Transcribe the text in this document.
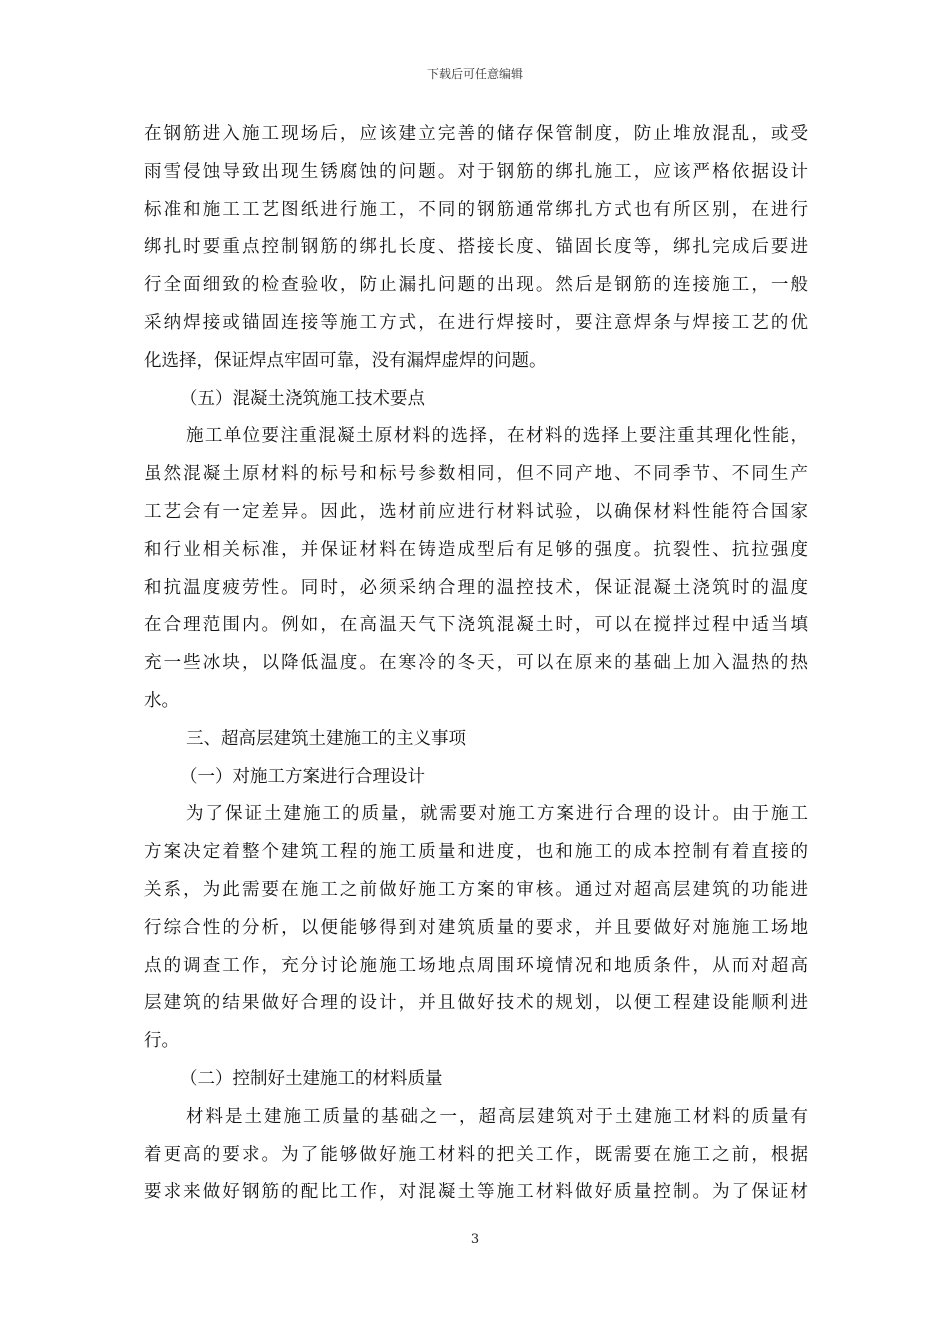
下载后可任意编辑
在钢筋进入施工现场后，应该建立完善的储存保管制度，防止堆放混乱，或受
雨雪侵蚀导致出现生锈腐蚀的问题。对于钢筋的绑扎施工，应该严格依据设计
标准和施工工艺图纸进行施工，不同的钢筋通常绑扎方式也有所区别，在进行
绑扎时要重点控制钢筋的绑扎长度、搭接长度、锚固长度等，绑扎完成后要进
行全面细致的检查验收，防止漏扎问题的出现。然后是钢筋的连接施工，一般
采纳焊接或锚固连接等施工方式，在进行焊接时，要注意焊条与焊接工艺的优
化选择，保证焊点牢固可靠，没有漏焊虚焊的问题。
（五）混凝土浇筑施工技术要点
施工单位要注重混凝土原材料的选择，在材料的选择上要注重其理化性能，
虽然混凝土原材料的标号和标号参数相同，但不同产地、不同季节、不同生产
工艺会有一定差异。因此，选材前应进行材料试验，以确保材料性能符合国家
和行业相关标准，并保证材料在铸造成型后有足够的强度。抗裂性、抗拉强度
和抗温度疲劳性。同时，必须采纳合理的温控技术，保证混凝土浇筑时的温度
在合理范围内。例如，在高温天气下浇筑混凝土时，可以在搅拌过程中适当填
充一些冰块，以降低温度。在寒冷的冬天，可以在原来的基础上加入温热的热
水。
三、超高层建筑土建施工的主义事项
（一）对施工方案进行合理设计
为了保证土建施工的质量，就需要对施工方案进行合理的设计。由于施工
方案决定着整个建筑工程的施工质量和进度，也和施工的成本控制有着直接的
关系，为此需要在施工之前做好施工方案的审核。通过对超高层建筑的功能进
行综合性的分析，以便能够得到对建筑质量的要求，并且要做好对施施工场地
点的调查工作，充分讨论施施工场地点周围环境情况和地质条件，从而对超高
层建筑的结果做好合理的设计，并且做好技术的规划，以便工程建设能顺利进
行。
（二）控制好土建施工的材料质量
材料是土建施工质量的基础之一，超高层建筑对于土建施工材料的质量有
着更高的要求。为了能够做好施工材料的把关工作，既需要在施工之前，根据
要求来做好钢筋的配比工作，对混凝土等施工材料做好质量控制。为了保证材
3
